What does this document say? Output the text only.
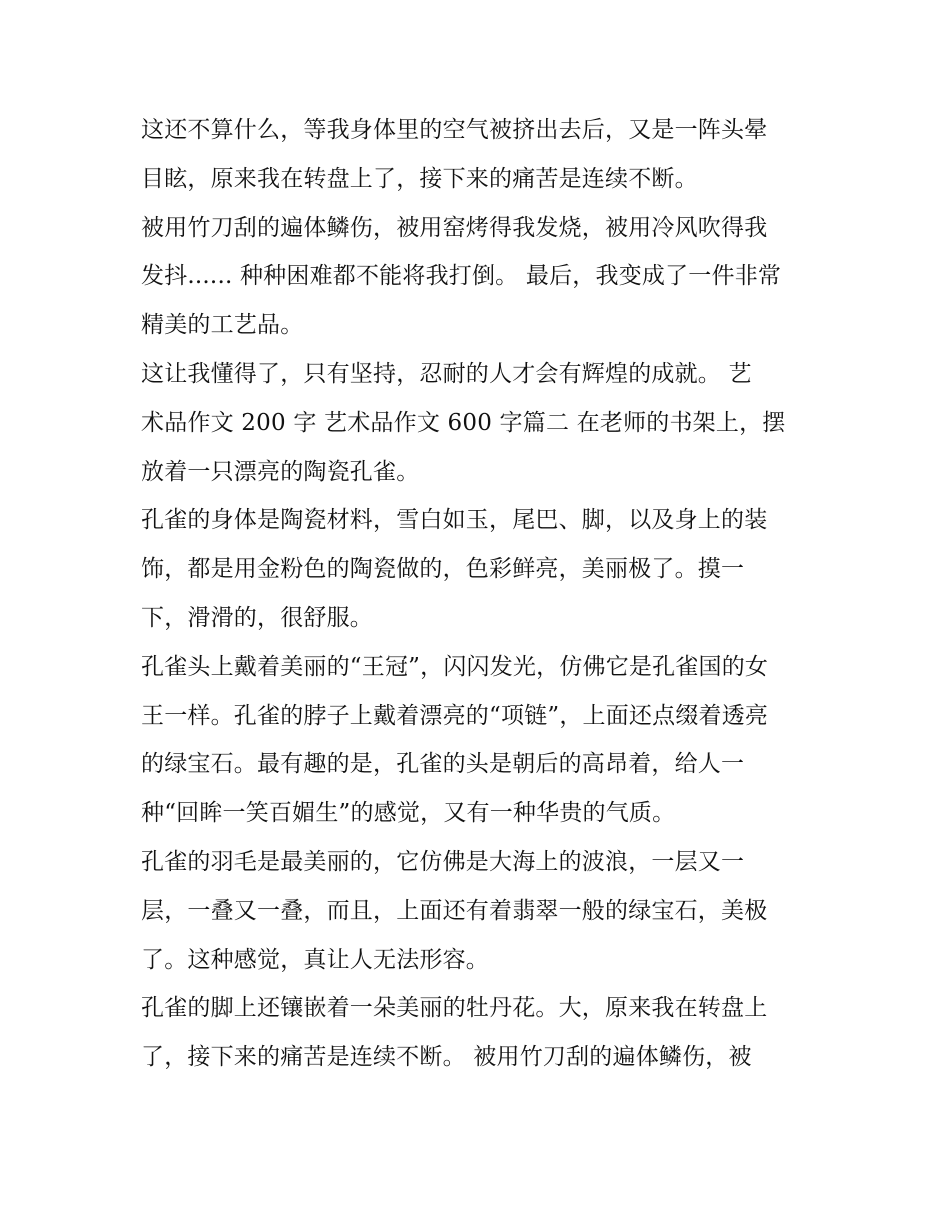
这还不算什么，等我身体里的空气被挤出去后，又是一阵头晕
目眩，原来我在转盘上了，接下来的痛苦是连续不断。
被用竹刀刮的遍体鳞伤，被用窑烤得我发烧，被用冷风吹得我
发抖...... 种种困难都不能将我打倒。 最后，我变成了一件非常
精美的工艺品。
这让我懂得了，只有坚持，忍耐的人才会有辉煌的成就。 艺
术品作文 200 字 艺术品作文 600 字篇二 在老师的书架上，摆
放着一只漂亮的陶瓷孔雀。
孔雀的身体是陶瓷材料，雪白如玉，尾巴、脚，以及身上的装
饰，都是用金粉色的陶瓷做的，色彩鲜亮，美丽极了。摸一
下，滑滑的，很舒服。
孔雀头上戴着美丽的“王冠”，闪闪发光，仿佛它是孔雀国的女
王一样。孔雀的脖子上戴着漂亮的“项链”，上面还点缀着透亮
的绿宝石。最有趣的是，孔雀的头是朝后的高昂着，给人一
种“回眸一笑百媚生”的感觉，又有一种华贵的气质。
孔雀的羽毛是最美丽的，它仿佛是大海上的波浪，一层又一
层，一叠又一叠，而且，上面还有着翡翠一般的绿宝石，美极
了。这种感觉，真让人无法形容。
孔雀的脚上还镶嵌着一朵美丽的牡丹花。大，原来我在转盘上
了，接下来的痛苦是连续不断。 被用竹刀刮的遍体鳞伤，被
